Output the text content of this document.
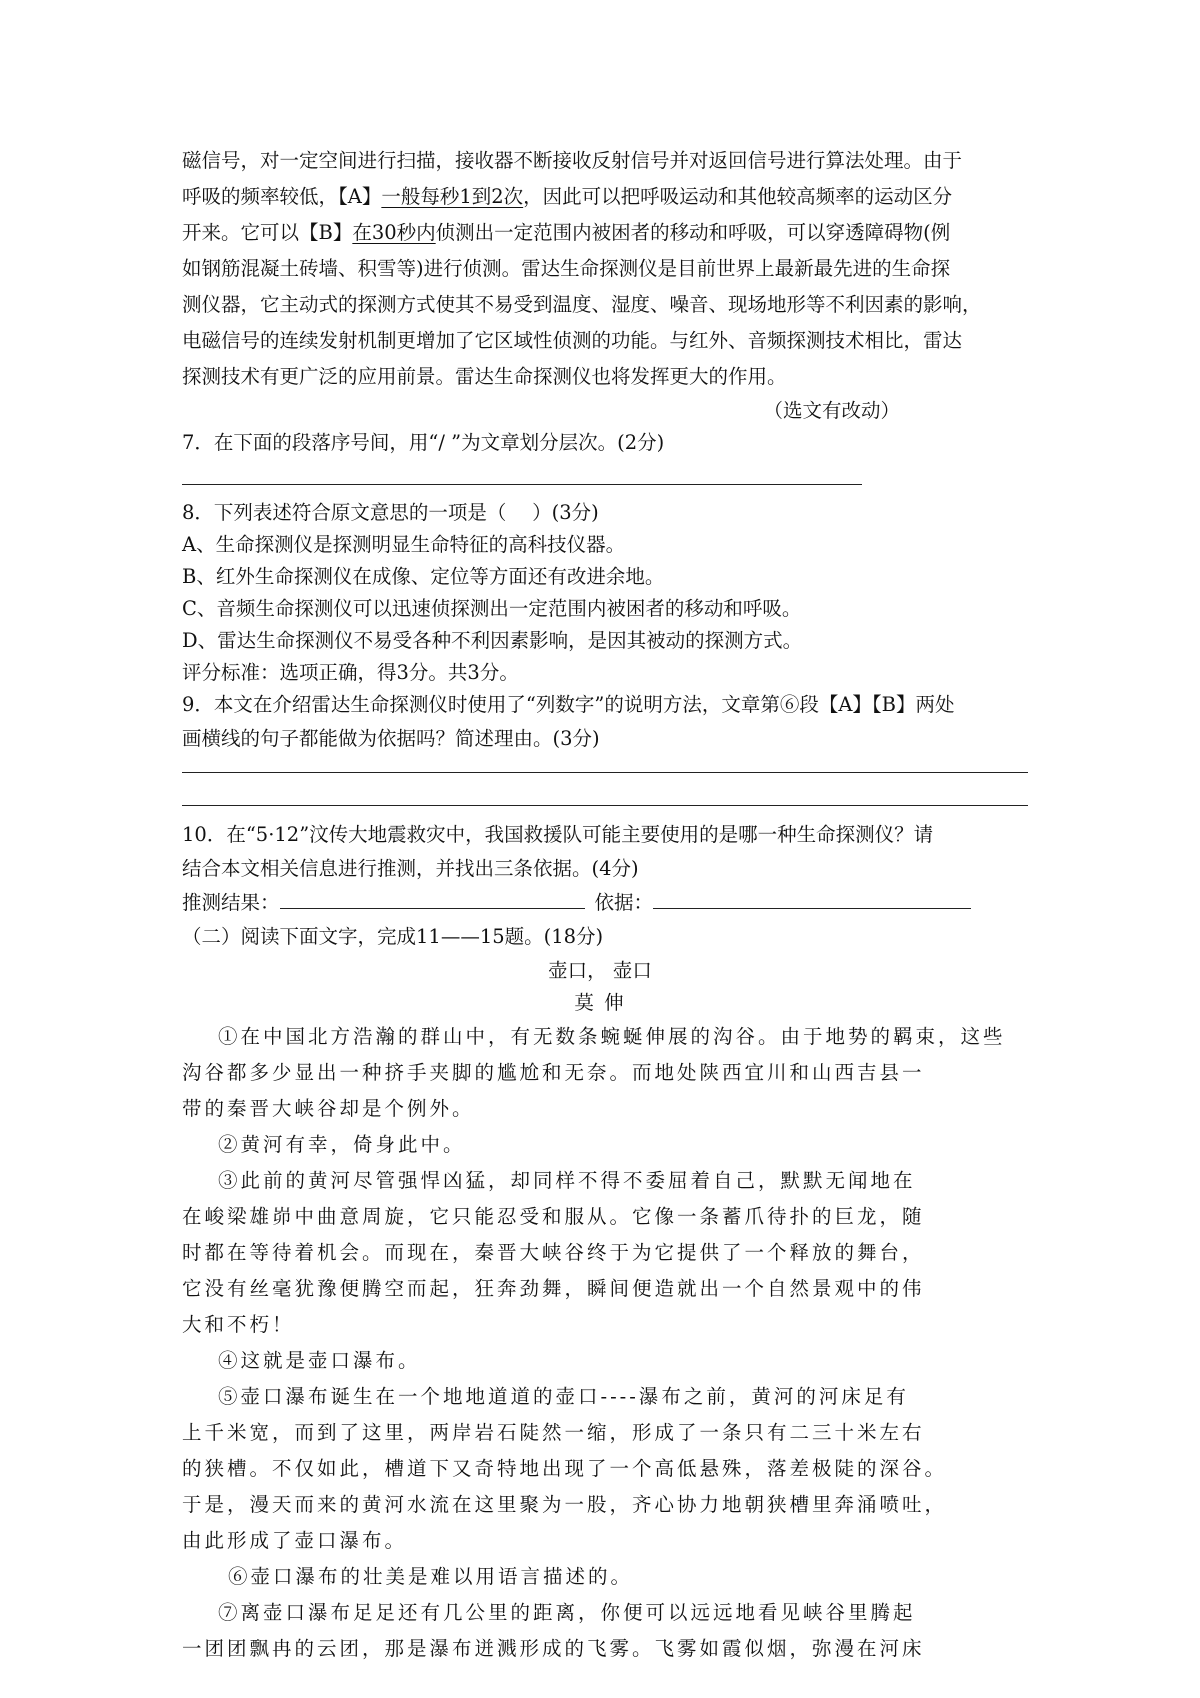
磁信号，对一定空间进行扫描，接收器不断接收反射信号并对返回信号进行算法处理。由于
呼吸的频率较低，【A】一般每秒1到2次，因此可以把呼吸运动和其他较高频率的运动区分
开来。它可以【B】在30秒内侦测出一定范围内被困者的移动和呼吸，可以穿透障碍物(例
如钢筋混凝土砖墙、积雪等)进行侦测。雷达生命探测仪是目前世界上最新最先进的生命探
测仪器，它主动式的探测方式使其不易受到温度、湿度、噪音、现场地形等不利因素的影响，
电磁信号的连续发射机制更增加了它区域性侦测的功能。与红外、音频探测技术相比，雷达
探测技术有更广泛的应用前景。雷达生命探测仪也将发挥更大的作用。
（选文有改动）
7．在下面的段落序号间，用“/ ”为文章划分层次。(2分)
8．下列表述符合原文意思的一项是（　 ）(3分)
A、生命探测仪是探测明显生命特征的高科技仪器。
B、红外生命探测仪在成像、定位等方面还有改进余地。
C、音频生命探测仪可以迅速侦探测出一定范围内被困者的移动和呼吸。
D、雷达生命探测仪不易受各种不利因素影响，是因其被动的探测方式。
评分标准：选项正确，得3分。共3分。
9．本文在介绍雷达生命探测仪时使用了“列数字”的说明方法，文章第⑥段【A】【B】两处
画横线的句子都能做为依据吗？简述理由。(3分)
10．在“5·12”汶传大地震救灾中，我国救援队可能主要使用的是哪一种生命探测仪？请
结合本文相关信息进行推测，并找出三条依据。(4分)
推测结果：	依据：
（二）阅读下面文字，完成11——15题。(18分)
壶口， 壶口
莫 伸
①在中国北方浩瀚的群山中，有无数条蜿蜒伸展的沟谷。由于地势的羁束，这些
沟谷都多少显出一种挤手夹脚的尴尬和无奈。而地处陕西宜川和山西吉县一
带的秦晋大峡谷却是个例外。
②黄河有幸，倚身此中。
③此前的黄河尽管强悍凶猛，却同样不得不委屈着自己，默默无闻地在
在峻梁雄峁中曲意周旋，它只能忍受和服从。它像一条蓄爪待扑的巨龙，随
时都在等待着机会。而现在，秦晋大峡谷终于为它提供了一个释放的舞台，
它没有丝毫犹豫便腾空而起，狂奔劲舞，瞬间便造就出一个自然景观中的伟
大和不朽！
④这就是壶口瀑布。
⑤壶口瀑布诞生在一个地地道道的壶口----瀑布之前，黄河的河床足有
上千米宽，而到了这里，两岸岩石陡然一缩，形成了一条只有二三十米左右
的狭槽。不仅如此，槽道下又奇特地出现了一个高低悬殊，落差极陡的深谷。
于是，漫天而来的黄河水流在这里聚为一股，齐心协力地朝狭槽里奔涌喷吐，
由此形成了壶口瀑布。
⑥壶口瀑布的壮美是难以用语言描述的。
⑦离壶口瀑布足足还有几公里的距离，你便可以远远地看见峡谷里腾起
一团团飘冉的云团，那是瀑布迸溅形成的飞雾。飞雾如霞似烟，弥漫在河床
